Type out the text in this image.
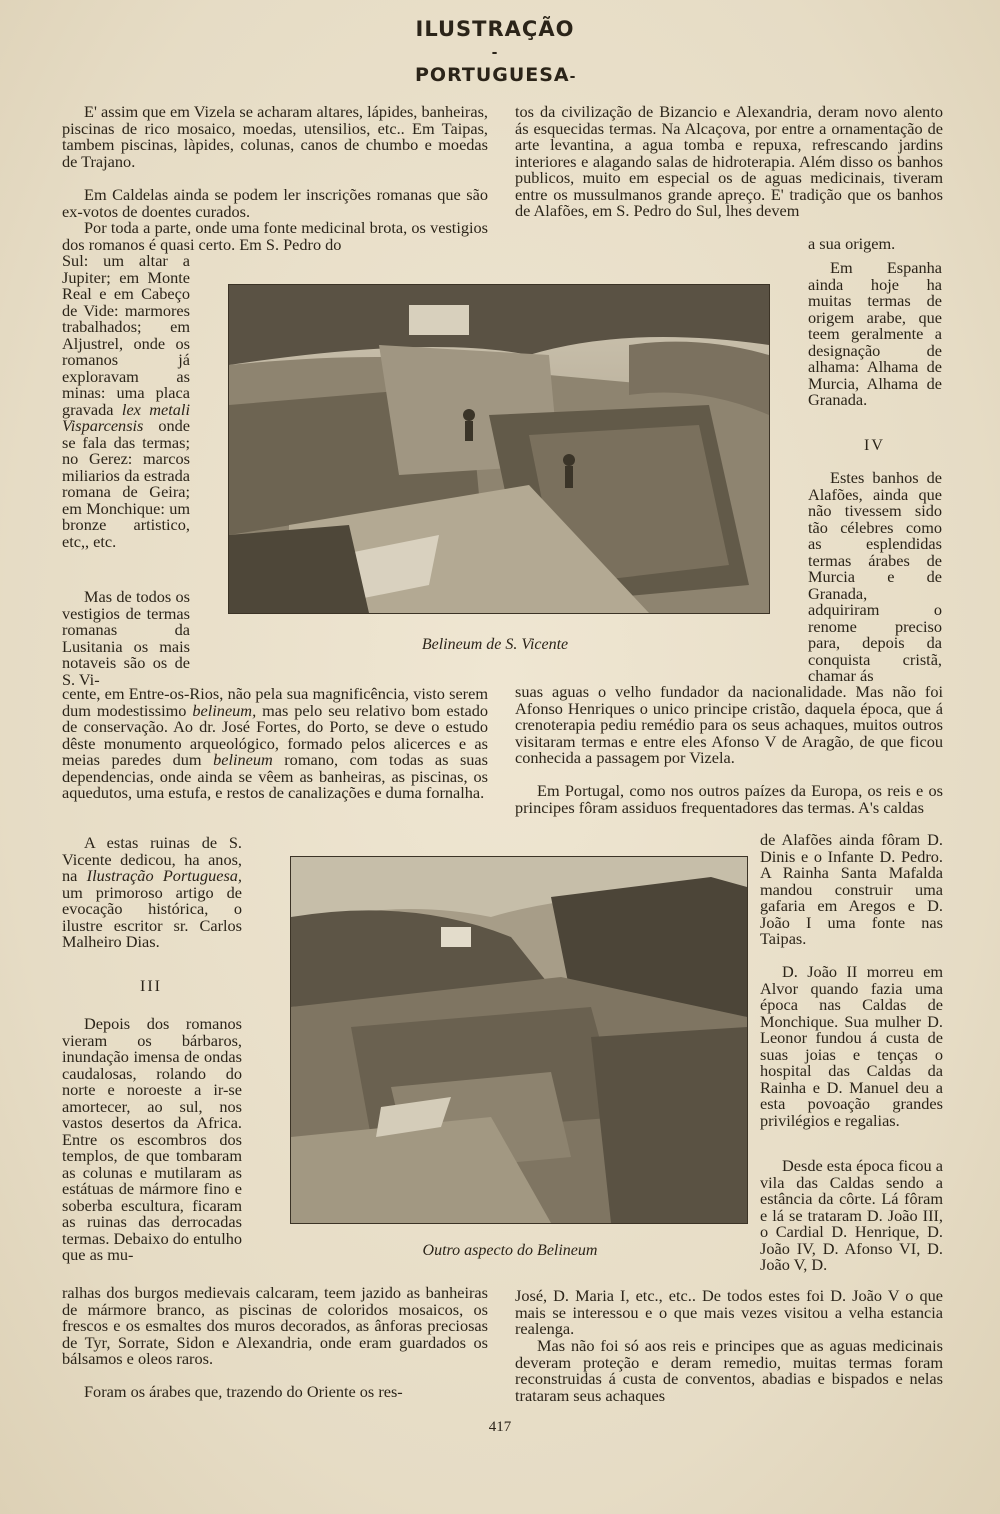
ILUSTRAÇÃO
-PORTUGUESA-

E' assim que em Vizela se acharam altares, lápides, banheiras, piscinas de rico mosaico, moedas, utensilios, etc.. Em Taipas, tambem piscinas, làpides, colunas, canos de chumbo e moedas de Trajano.

Em Caldelas ainda se podem ler inscrições romanas que são ex-votos de doentes curados.

Por toda a parte, onde uma fonte medicinal brota, os vestigios dos romanos é quasi certo. Em S. Pedro do

Sul: um altar a Jupiter; em Monte Real e em Cabeço de Vide: marmores trabalhados; em Aljustrel, onde os romanos já exploravam as minas: uma placa gravada lex metali Visparcensis onde se fala das termas; no Gerez: marcos miliarios da estrada romana de Geira; em Monchique: um bronze artistico, etc,, etc.

Mas de todos os vestigios de termas romanas da Lusitania os mais notaveis são os de S. Vi-

cente, em Entre-os-Rios, não pela sua magnificência, visto serem dum modestissimo belineum, mas pelo seu relativo bom estado de conservação. Ao dr. José Fortes, do Porto, se deve o estudo dêste monumento arqueológico, formado pelos alicerces e as meias paredes dum belineum romano, com todas as suas dependencias, onde ainda se vêem as banheiras, as piscinas, os aquedutos, uma estufa, e restos de canalizações e duma fornalha.

A estas ruinas de S. Vicente dedicou, ha anos, na Ilustração Portuguesa, um primoroso artigo de evocação histórica, o ilustre escritor sr. Carlos Malheiro Dias.

III

Depois dos romanos vieram os bárbaros, inundação imensa de ondas caudalosas, rolando do norte e noroeste a ir-se amortecer, ao sul, nos vastos desertos da Africa. Entre os escombros dos templos, de que tombaram as colunas e mutilaram as estátuas de mármore fino e soberba escultura, ficaram as ruinas das derrocadas termas. Debaixo do entulho que as mu-

ralhas dos burgos medievais calcaram, teem jazido as banheiras de mármore branco, as piscinas de coloridos mosaicos, os frescos e os esmaltes dos muros decorados, as ânforas preciosas de Tyr, Sorrate, Sidon e Alexandria, onde eram guardados os bálsamos e oleos raros.

Foram os árabes que, trazendo do Oriente os res-

tos da civilização de Bizancio e Alexandria, deram novo alento ás esquecidas termas. Na Alcaçova, por entre a ornamentação de arte levantina, a agua tomba e repuxa, refrescando jardins interiores e alagando salas de hidroterapia. Além disso os banhos publicos, muito em especial os de aguas medicinais, tiveram entre os mussulmanos grande apreço. E' tradição que os banhos de Alafões, em S. Pedro do Sul, lhes devem

a sua origem.

Em Espanha ainda hoje ha muitas termas de origem arabe, que teem geralmente a designação de alhama: Alhama de Murcia, Alhama de Granada.

IV

Estes banhos de Alafões, ainda que não tivessem sido tão célebres como as esplendidas termas árabes de Murcia e de Granada, adquiriram o renome preciso para, depois da conquista cristã, chamar ás

suas aguas o velho fundador da nacionalidade. Mas não foi Afonso Henriques o unico principe cristão, daquela época, que á crenoterapia pediu remédio para os seus achaques, muitos outros visitaram termas e entre eles Afonso V de Aragão, de que ficou conhecida a passagem por Vizela.

Em Portugal, como nos outros paízes da Europa, os reis e os principes fôram assiduos frequentadores das termas. A's caldas

de Alafões ainda fôram D. Dinis e o Infante D. Pedro. A Rainha Santa Mafalda mandou construir uma gafaria em Aregos e D. João I uma fonte nas Taipas.

D. João II morreu em Alvor quando fazia uma época nas Caldas de Monchique. Sua mulher D. Leonor fundou á custa de suas joias e tenças o hospital das Caldas da Rainha e D. Manuel deu a esta povoação grandes privilégios e regalias.

Desde esta época ficou a vila das Caldas sendo a estância da côrte. Lá fôram e lá se trataram D. João III, o Cardial D. Henrique, D. João IV, D. Afonso VI, D. João V, D.

José, D. Maria I, etc., etc.. De todos estes foi D. João V o que mais se interessou e o que mais vezes visitou a velha estancia realenga.

Mas não foi só aos reis e principes que as aguas medicinais deveram proteção e deram remedio, muitas termas foram reconstruidas á custa de conventos, abadias e bispados e nelas trataram seus achaques

Belineum de S. Vicente
Outro aspecto do Belineum
417
